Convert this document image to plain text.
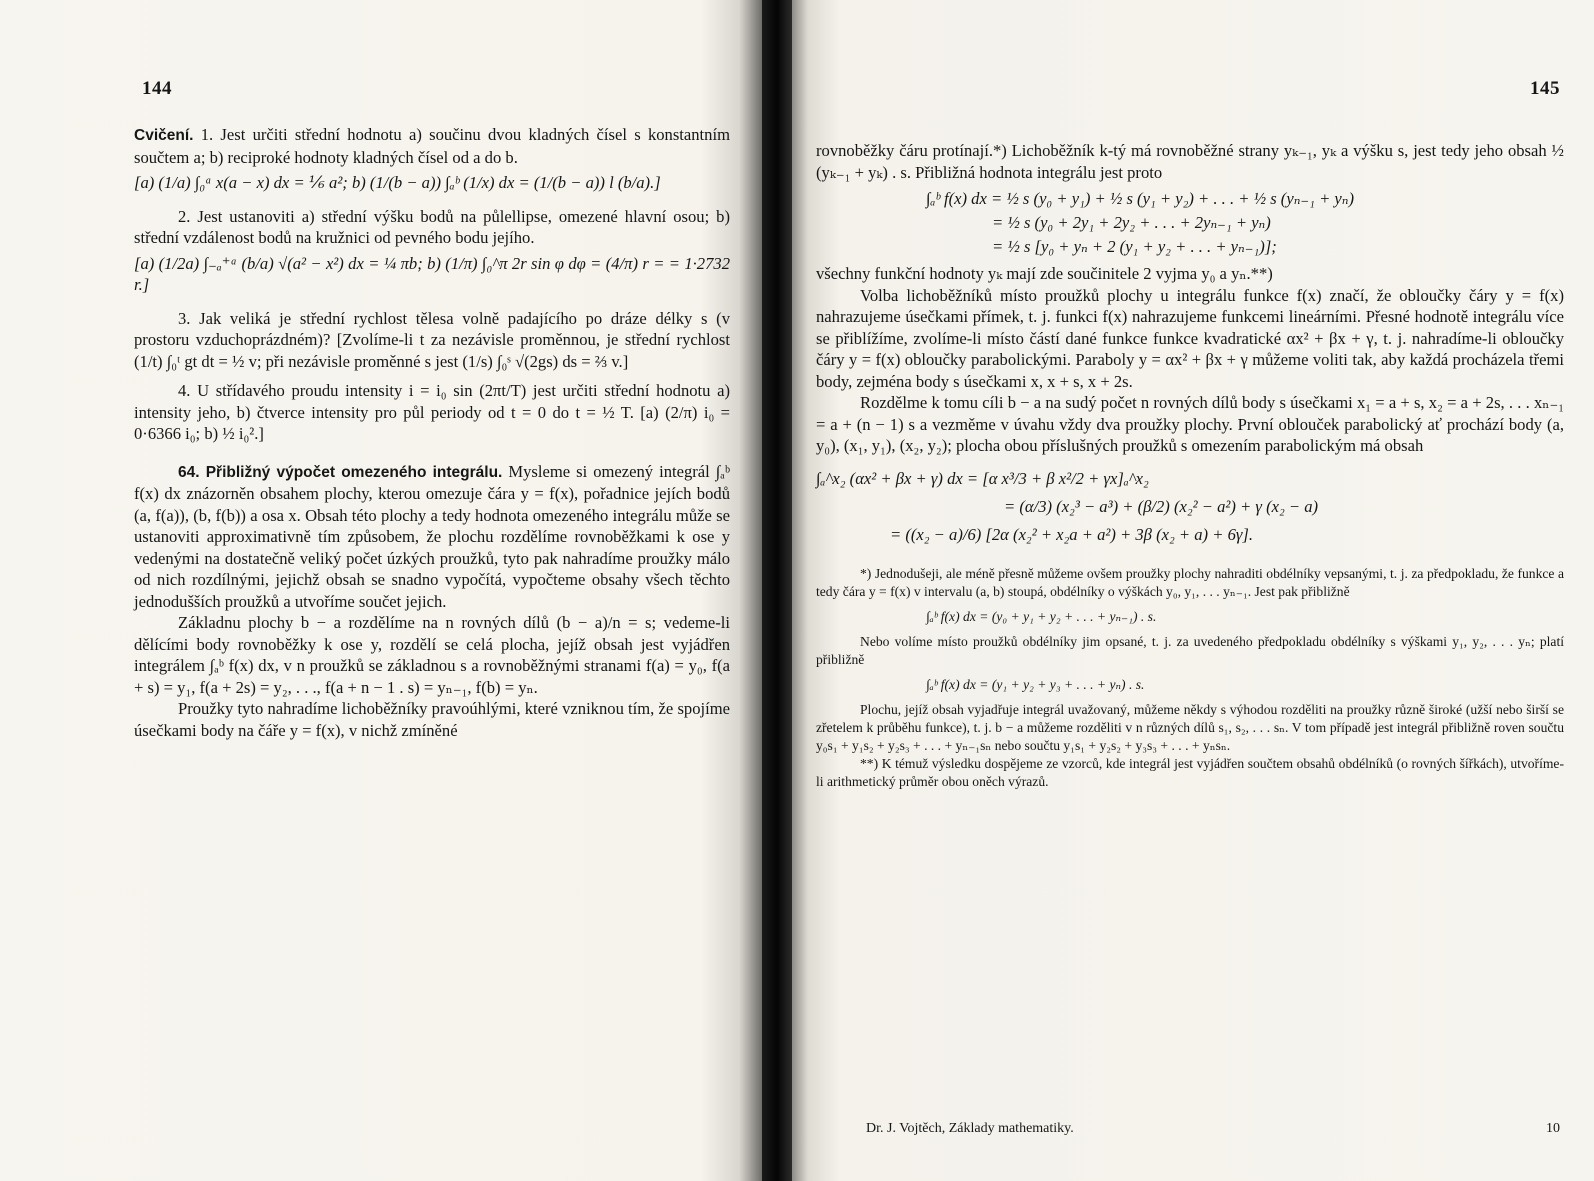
144

Cvičení. 1. Jest určiti střední hodnotu a) součinu dvou kladných čísel s konstantním součtem a; b) reciproké hodnoty kladných čísel od a do b.

[a) (1/a) ∫₀ᵃ x(a − x) dx = ⅙ a²; b) (1/(b − a)) ∫ₐᵇ (1/x) dx = (1/(b − a)) l (b/a).]

2. Jest ustanoviti a) střední výšku bodů na půlellipse, omezené hlavní osou; b) střední vzdálenost bodů na kružnici od pevného bodu jejího.

[a) (1/2a) ∫₋ₐ⁺ᵃ (b/a) √(a² − x²) dx = ¼ πb; b) (1/π) ∫₀^π 2r sin φ dφ = (4/π) r = = 1·2732 r.]

3. Jak veliká je střední rychlost tělesa volně padajícího po dráze délky s (v prostoru vzduchoprázdném)? [Zvolíme-li t za nezávisle proměnnou, je střední rychlost (1/t) ∫₀ᵗ gt dt = ½ v; při nezávisle proměnné s jest (1/s) ∫₀ˢ √(2gs) ds = ⅔ v.]

4. U střídavého proudu intensity i = i₀ sin (2πt/T) jest určiti střední hodnotu a) intensity jeho, b) čtverce intensity pro půl periody od t = 0 do t = ½ T. [a) (2/π) i₀ = 0·6366 i₀; b) ½ i₀².]

64. Přibližný výpočet omezeného integrálu. Mysleme si omezený integrál ∫ₐᵇ f(x) dx znázorněn obsahem plochy, kterou omezuje čára y = f(x), pořadnice jejích bodů (a, f(a)), (b, f(b)) a osa x. Obsah této plochy a tedy hodnota omezeného integrálu může se ustanoviti approximativně tím způsobem, že plochu rozdělíme rovnoběžkami k ose y vedenými na dostatečně veliký počet úzkých proužků, tyto pak nahradíme proužky málo od nich rozdílnými, jejichž obsah se snadno vypočítá, vypočteme obsahy všech těchto jednodušších proužků a utvoříme součet jejich.

Základnu plochy b − a rozdělíme na n rovných dílů (b − a)/n = s; vedeme-li dělícími body rovnoběžky k ose y, rozdělí se celá plocha, jejíž obsah jest vyjádřen integrálem ∫ₐᵇ f(x) dx, v n proužků se základnou s a rovnoběžnými stranami f(a) = y₀, f(a + s) = y₁, f(a + 2s) = y₂, . . ., f(a + n − 1 . s) = yₙ₋₁, f(b) = yₙ.

Proužky tyto nahradíme lichoběžníky pravoúhlými, které vzniknou tím, že spojíme úsečkami body na čáře y = f(x), v nichž zmíněné

145

rovnoběžky čáru protínají.*) Lichoběžník k-tý má rovnoběžné strany yₖ₋₁, yₖ a výšku s, jest tedy jeho obsah ½ (yₖ₋₁ + yₖ) . s. Přibližná hodnota integrálu jest proto

∫ₐᵇ f(x) dx = ½ s (y₀ + y₁) + ½ s (y₁ + y₂) + . . . + ½ s (yₙ₋₁ + yₙ)
= ½ s (y₀ + 2y₁ + 2y₂ + . . . + 2yₙ₋₁ + yₙ)
= ½ s [y₀ + yₙ + 2 (y₁ + y₂ + . . . + yₙ₋₁)];

všechny funkční hodnoty yₖ mají zde součinitele 2 vyjma y₀ a yₙ.**)

Volba lichoběžníků místo proužků plochy u integrálu funkce f(x) značí, že obloučky čáry y = f(x) nahrazujeme úsečkami přímek, t. j. funkci f(x) nahrazujeme funkcemi lineárními. Přesné hodnotě integrálu více se přiblížíme, zvolíme-li místo částí dané funkce funkce kvadratické αx² + βx + γ, t. j. nahradíme-li obloučky čáry y = f(x) obloučky parabolickými. Paraboly y = αx² + βx + γ můžeme voliti tak, aby každá procházela třemi body, zejména body s úsečkami x, x + s, x + 2s.

Rozdělme k tomu cíli b − a na sudý počet n rovných dílů body s úsečkami x₁ = a + s, x₂ = a + 2s, . . . xₙ₋₁ = a + (n − 1) s a vezměme v úvahu vždy dva proužky plochy. První oblouček parabolický ať prochází body (a, y₀), (x₁, y₁), (x₂, y₂); plocha obou příslušných proužků s omezením parabolickým má obsah

∫ₐ^x₂ (αx² + βx + γ) dx = [α x³/3 + β x²/2 + γx]ₐ^x₂
= (α/3) (x₂³ − a³) + (β/2) (x₂² − a²) + γ (x₂ − a)
= ((x₂ − a)/6) [2α (x₂² + x₂a + a²) + 3β (x₂ + a) + 6γ].

*) Jednodušeji, ale méně přesně můžeme ovšem proužky plochy nahraditi obdélníky vepsanými, t. j. za předpokladu, že funkce a tedy čára y = f(x) v intervalu (a, b) stoupá, obdélníky o výškách y₀, y₁, . . . yₙ₋₁. Jest pak přibližně

∫ₐᵇ f(x) dx = (y₀ + y₁ + y₂ + . . . + yₙ₋₁) . s.

Nebo volíme místo proužků obdélníky jim opsané, t. j. za uvedeného předpokladu obdélníky s výškami y₁, y₂, . . . yₙ; platí přibližně

∫ₐᵇ f(x) dx = (y₁ + y₂ + y₃ + . . . + yₙ) . s.

Plochu, jejíž obsah vyjadřuje integrál uvažovaný, můžeme někdy s výhodou rozděliti na proužky různě široké (užší nebo širší se zřetelem k průběhu funkce), t. j. b − a můžeme rozděliti v n různých dílů s₁, s₂, . . . sₙ. V tom případě jest integrál přibližně roven součtu y₀s₁ + y₁s₂ + y₂s₃ + . . . + yₙ₋₁sₙ nebo součtu y₁s₁ + y₂s₂ + y₃s₃ + . . . + yₙsₙ.

**) K témuž výsledku dospějeme ze vzorců, kde integrál jest vyjádřen součtem obsahů obdélníků (o rovných šířkách), utvoříme-li arithmetický průměr obou oněch výrazů.

Dr. J. Vojtěch, Základy mathematiky.	10
